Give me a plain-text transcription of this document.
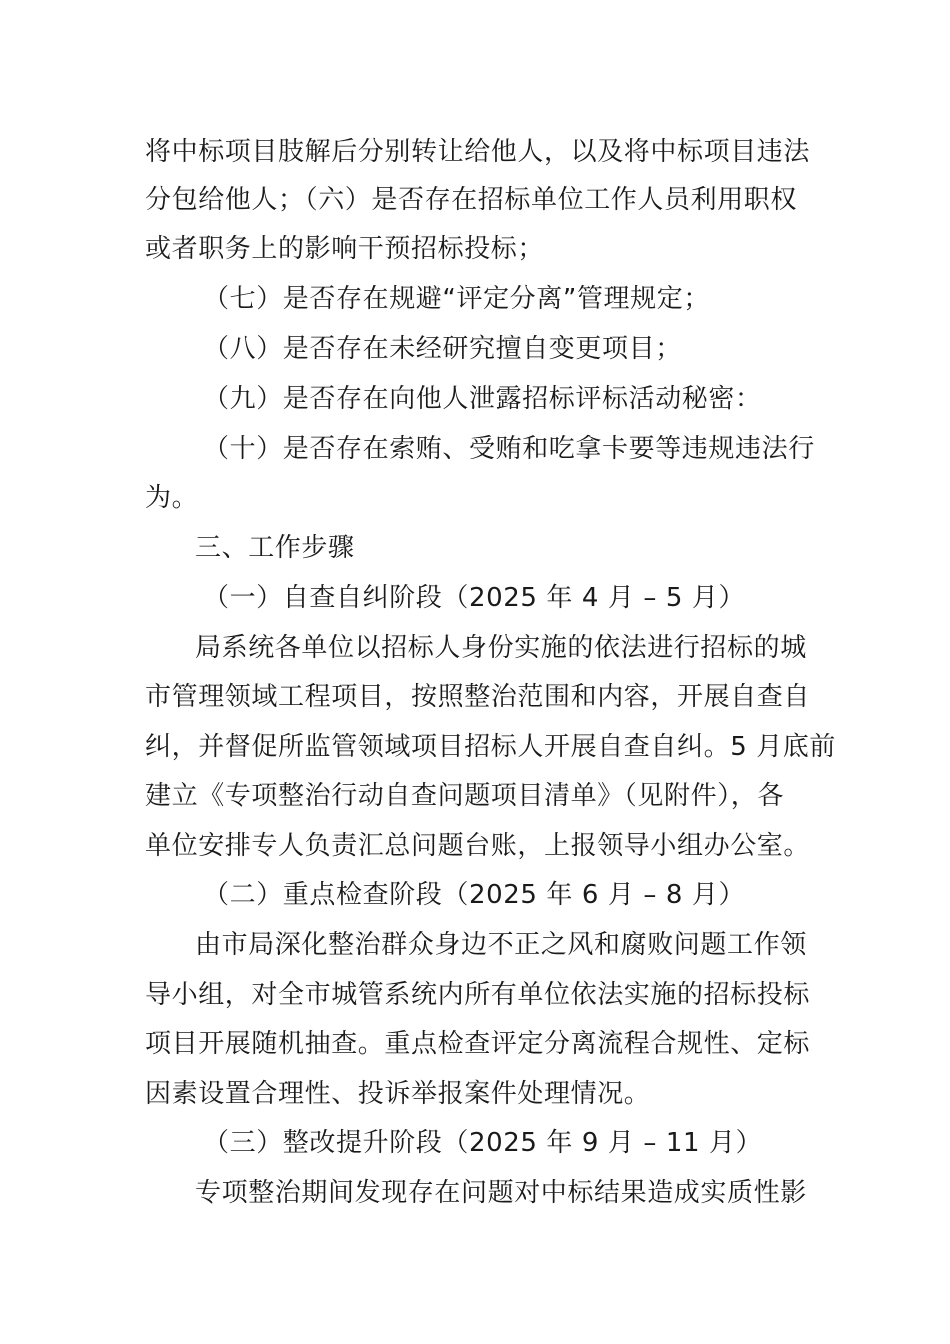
将中标项目肢解后分别转让给他人，以及将中标项目违法
分包给他人；（六）是否存在招标单位工作人员利用职权
或者职务上的影响干预招标投标；
（七）是否存在规避“评定分离”管理规定；
（八）是否存在未经研究擅自变更项目；
（九）是否存在向他人泄露招标评标活动秘密：
（十）是否存在索贿、受贿和吃拿卡要等违规违法行
为。
三、工作步骤
（一）自查自纠阶段（2025 年 4 月 – 5 月）
局系统各单位以招标人身份实施的依法进行招标的城
市管理领域工程项目，按照整治范围和内容，开展自查自
纠，并督促所监管领域项目招标人开展自查自纠。5 月底前
建立《专项整治行动自查问题项目清单》（见附件），各
单位安排专人负责汇总问题台账，上报领导小组办公室。
（二）重点检查阶段（2025 年 6 月 – 8 月）
由市局深化整治群众身边不正之风和腐败问题工作领
导小组，对全市城管系统内所有单位依法实施的招标投标
项目开展随机抽查。重点检查评定分离流程合规性、定标
因素设置合理性、投诉举报案件处理情况。
（三）整改提升阶段（2025 年 9 月 – 11 月）
专项整治期间发现存在问题对中标结果造成实质性影
